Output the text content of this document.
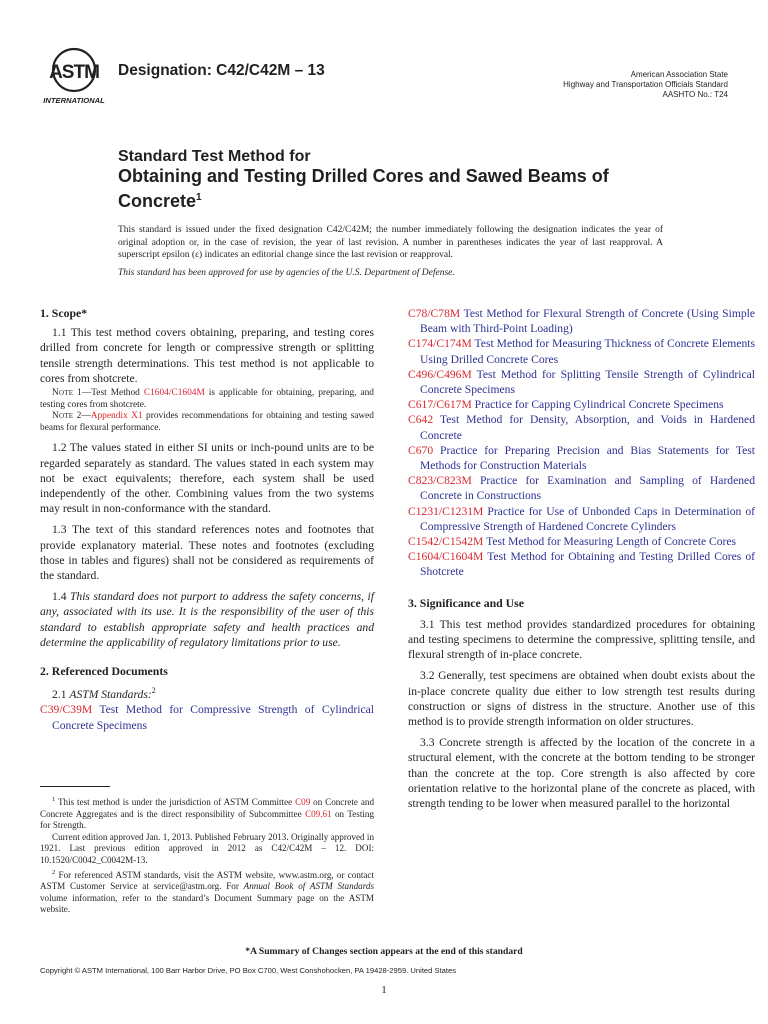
ASTM
INTERNATIONAL
Designation: C42/C42M – 13	American Association State
Highway and Transportation Officials Standard
AASHTO No.: T24
Standard Test Method for
Obtaining and Testing Drilled Cores and Sawed Beams of Concrete$^1$
This standard is issued under the fixed designation C42/C42M; the number immediately following the designation indicates the year of original adoption or, in the case of revision, the year of last revision. A number in parentheses indicates the year of last reapproval. A superscript epsilon (ε) indicates an editorial change since the last revision or reapproval.
This standard has been approved for use by agencies of the U.S. Department of Defense.
1. Scope*

1.1 This test method covers obtaining, preparing, and testing cores drilled from concrete for length or compressive strength or splitting tensile strength determinations. This test method is not applicable to cores from shotcrete.

Note 1—Test Method C1604/C1604M is applicable for obtaining, preparing, and testing cores from shotcrete.

Note 2—Appendix X1 provides recommendations for obtaining and testing sawed beams for flexural performance.

1.2 The values stated in either SI units or inch-pound units are to be regarded separately as standard. The values stated in each system may not be exact equivalents; therefore, each system shall be used independently of the other. Combining values from the two systems may result in non-conformance with the standard.

1.3 The text of this standard references notes and footnotes that provide explanatory material. These notes and footnotes (excluding those in tables and figures) shall not be considered as requirements of the standard.

1.4 This standard does not purport to address the safety concerns, if any, associated with its use. It is the responsibility of the user of this standard to establish appropriate safety and health practices and determine the applicability of regulatory limitations prior to use.

2. Referenced Documents

2.1 ASTM Standards:$^2$

C39/C39M Test Method for Compressive Strength of Cylindrical Concrete Specimens

$^1$ This test method is under the jurisdiction of ASTM Committee C09 on Concrete and Concrete Aggregates and is the direct responsibility of Subcommittee C09.61 on Testing for Strength.

Current edition approved Jan. 1, 2013. Published February 2013. Originally approved in 1921. Last previous edition approved in 2012 as C42/C42M – 12. DOI: 10.1520/C0042_C0042M-13.

$^2$ For referenced ASTM standards, visit the ASTM website, www.astm.org, or contact ASTM Customer Service at service@astm.org. For Annual Book of ASTM Standards volume information, refer to the standard’s Document Summary page on the ASTM website.

C78/C78M Test Method for Flexural Strength of Concrete (Using Simple Beam with Third-Point Loading)

C174/C174M Test Method for Measuring Thickness of Concrete Elements Using Drilled Concrete Cores

C496/C496M Test Method for Splitting Tensile Strength of Cylindrical Concrete Specimens

C617/C617M Practice for Capping Cylindrical Concrete Specimens

C642 Test Method for Density, Absorption, and Voids in Hardened Concrete

C670 Practice for Preparing Precision and Bias Statements for Test Methods for Construction Materials

C823/C823M Practice for Examination and Sampling of Hardened Concrete in Constructions

C1231/C1231M Practice for Use of Unbonded Caps in Determination of Compressive Strength of Hardened Concrete Cylinders

C1542/C1542M Test Method for Measuring Length of Concrete Cores

C1604/C1604M Test Method for Obtaining and Testing Drilled Cores of Shotcrete

3. Significance and Use

3.1 This test method provides standardized procedures for obtaining and testing specimens to determine the compressive, splitting tensile, and flexural strength of in-place concrete.

3.2 Generally, test specimens are obtained when doubt exists about the in-place concrete quality due either to low strength test results during construction or signs of distress in the structure. Another use of this method is to provide strength information on older structures.

3.3 Concrete strength is affected by the location of the concrete in a structural element, with the concrete at the bottom tending to be stronger than the concrete at the top. Core strength is also affected by core orientation relative to the horizontal plane of the concrete as placed, with strength tending to be lower when measured parallel to the horizontal

*A Summary of Changes section appears at the end of this standard
Copyright © ASTM International, 100 Barr Harbor Drive, PO Box C700, West Conshohocken, PA 19428-2959. United States
1
